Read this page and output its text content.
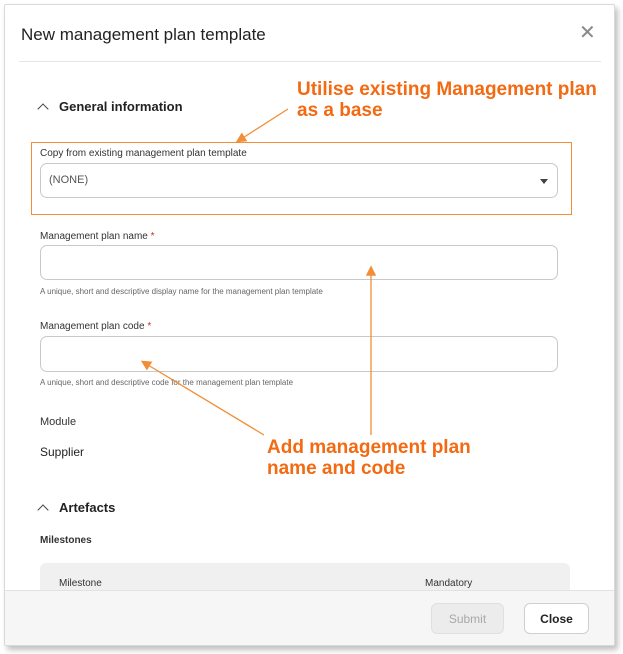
New management plan template	✕
General information
Copy from existing management plan template
(NONE)
Management plan name *
A unique, short and descriptive display name for the management plan template
Management plan code *
A unique, short and descriptive code for the management plan template
Module
Supplier
Artefacts
Milestones
Milestone	Mandatory
Submit	Close
Utilise existing Management plan as a base
Add management plan name and code
